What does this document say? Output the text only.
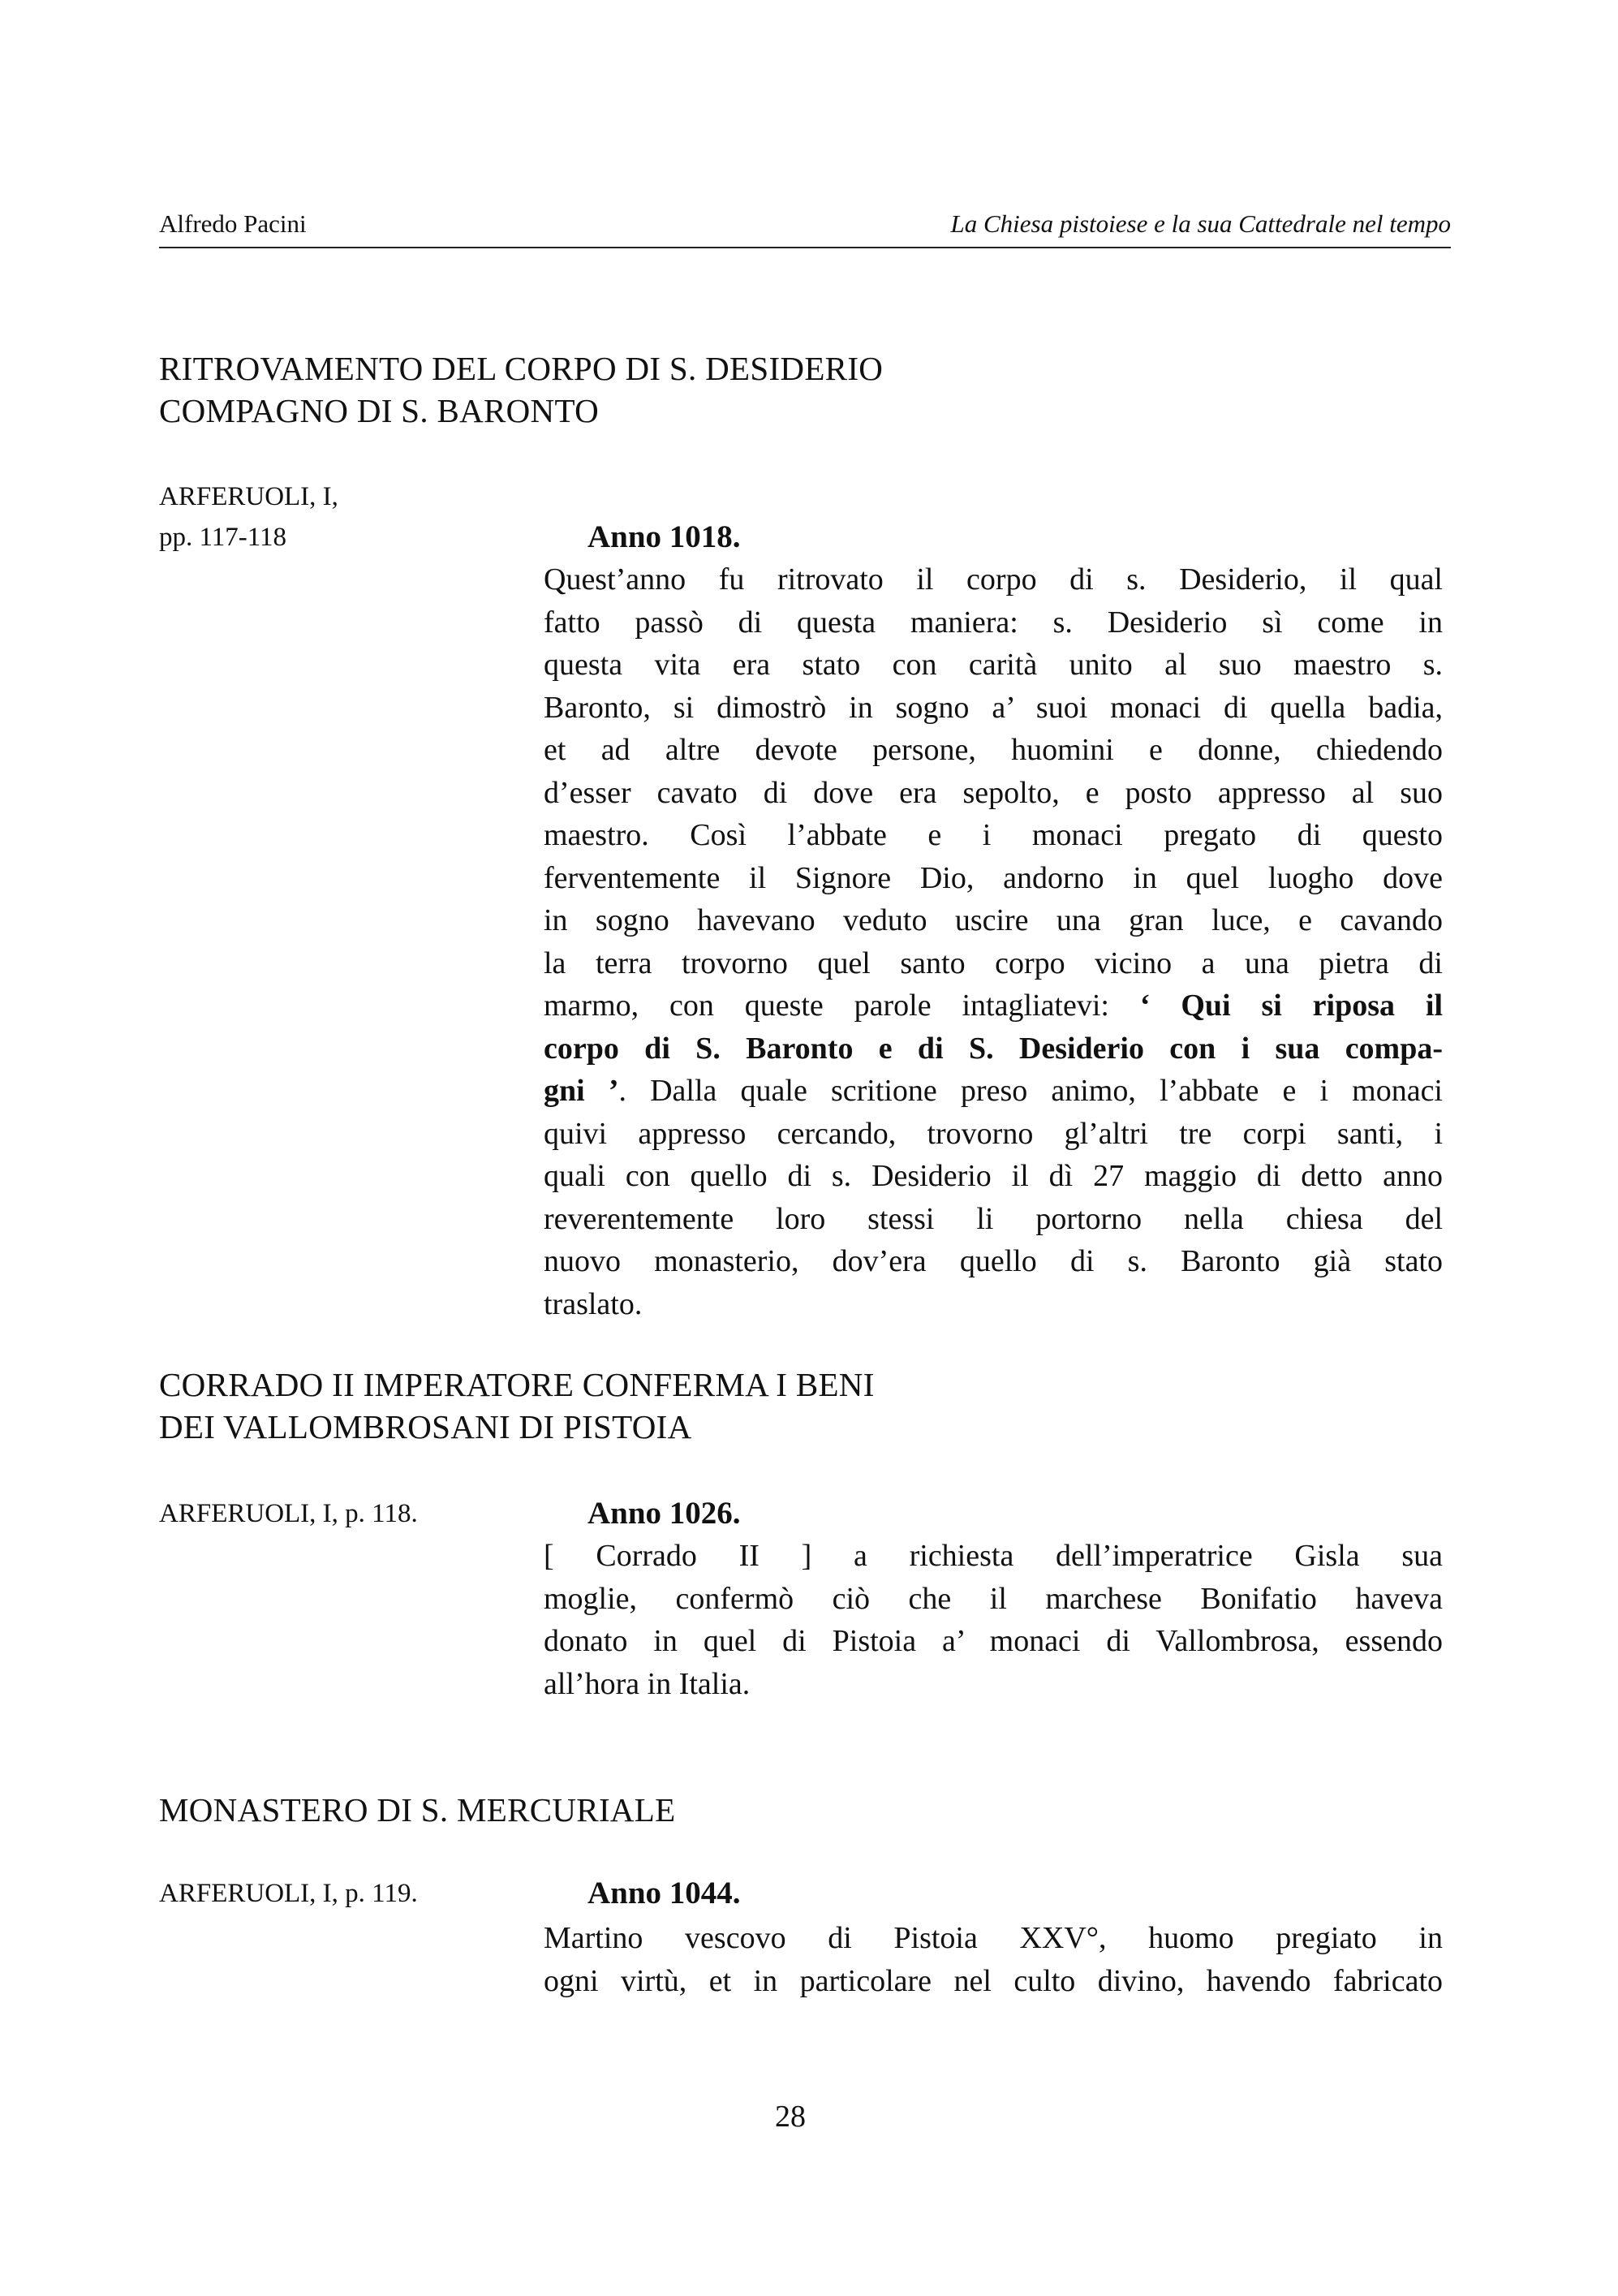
Alfredo Pacini	La Chiesa pistoiese e la sua Cattedrale nel tempo
RITROVAMENTO DEL CORPO DI S. DESIDERIO
COMPAGNO DI S. BARONTO
ARFERUOLI, I,
pp. 117-118	Anno 1018.
Quest’anno fu ritrovato il corpo di s. Desiderio, il qual
fatto passò di questa maniera: s. Desiderio sì come in
questa vita era stato con carità unito al suo maestro s.
Baronto, si dimostrò in sogno a’ suoi monaci di quella badia,
et ad altre devote persone, huomini e donne, chiedendo
d’esser cavato di dove era sepolto, e posto appresso al suo
maestro. Così l’abbate e i monaci pregato di questo
ferventemente il Signore Dio, andorno in quel luogho dove
in sogno havevano veduto uscire una gran luce, e cavando
la terra trovorno quel santo corpo vicino a una pietra di
marmo, con queste parole intagliatevi: ‘ Qui si riposa il
corpo di S. Baronto e di S. Desiderio con i sua compa-
gni ’. Dalla quale scritione preso animo, l’abbate e i monaci
quivi appresso cercando, trovorno gl’altri tre corpi santi, i
quali con quello di s. Desiderio il dì 27 maggio di detto anno
reverentemente loro stessi li portorno nella chiesa del
nuovo monasterio, dov’era quello di s. Baronto già stato
traslato.
CORRADO II IMPERATORE CONFERMA I BENI
DEI VALLOMBROSANI DI PISTOIA
ARFERUOLI, I, p. 118.	Anno 1026.
[ Corrado II ] a richiesta dell’imperatrice Gisla sua
moglie, confermò ciò che il marchese Bonifatio haveva
donato in quel di Pistoia a’ monaci di Vallombrosa, essendo
all’hora in Italia.
MONASTERO DI S. MERCURIALE
ARFERUOLI, I, p. 119.	Anno 1044.
Martino vescovo di Pistoia XXV°, huomo pregiato in
ogni virtù, et in particolare nel culto divino, havendo fabricato
28
